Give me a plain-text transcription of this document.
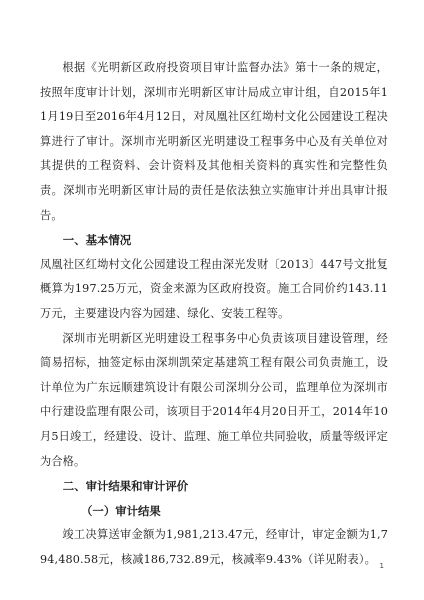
根据《光明新区政府投资项目审计监督办法》第十一条的规定，按照年度审计计划，深圳市光明新区审计局成立审计组，自2015年11月19日至2016年4月12日，对凤凰社区红坳村文化公园建设工程决算进行了审计。深圳市光明新区光明建设工程事务中心及有关单位对其提供的工程资料、会计资料及其他相关资料的真实性和完整性负责。深圳市光明新区审计局的责任是依法独立实施审计并出具审计报告。

一、基本情况

凤凰社区红坳村文化公园建设工程由深光发财〔2013〕447号文批复概算为197.25万元，资金来源为区政府投资。施工合同价约143.11万元，主要建设内容为园建、绿化、安装工程等。

深圳市光明新区光明建设工程事务中心负责该项目建设管理，经简易招标，抽签定标由深圳凯荣定基建筑工程有限公司负责施工，设计单位为广东远顺建筑设计有限公司深圳分公司，监理单位为深圳市中行建设监理有限公司，该项目于2014年4月20日开工，2014年10月5日竣工，经建设、设计、监理、施工单位共同验收，质量等级评定为合格。

二、审计结果和审计评价

（一）审计结果

竣工决算送审金额为1,981,213.47元，经审计，审定金额为1,794,480.58元，核减186,732.89元，核减率9.43%（详见附表）。

1
